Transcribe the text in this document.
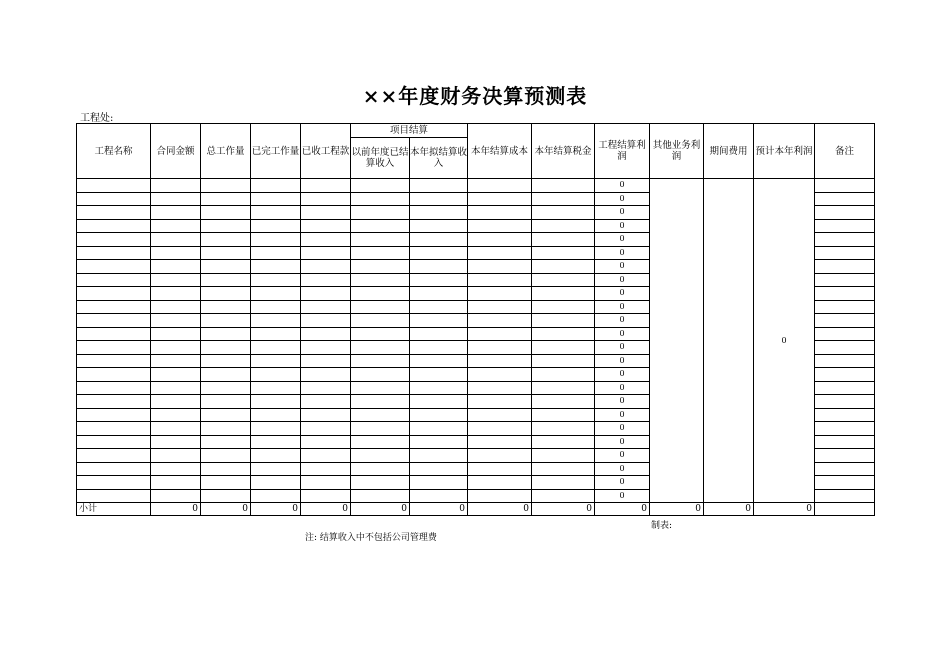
××年度财务决算预测表
工程处:
工程名称	合同金额	总工作量	已完工作量	已收工程款	项目结算		本年结算成本	本年结算税金	工程结算利润	其他业务利润	期间费用	预计本年利润	备注
					以前年度已结算收入	本年拟结算收入							
									0			0	
									0				
									0				
									0				
									0				
									0				
									0				
									0				
									0				
									0				
									0				
									0				
									0				
									0				
									0				
									0				
									0				
									0				
									0				
									0				
									0				
									0				
									0				
									0				
小计	0	0	0	0	0	0	0	0	0	0	0	0	
制表:
注: 结算收入中不包括公司管理费
